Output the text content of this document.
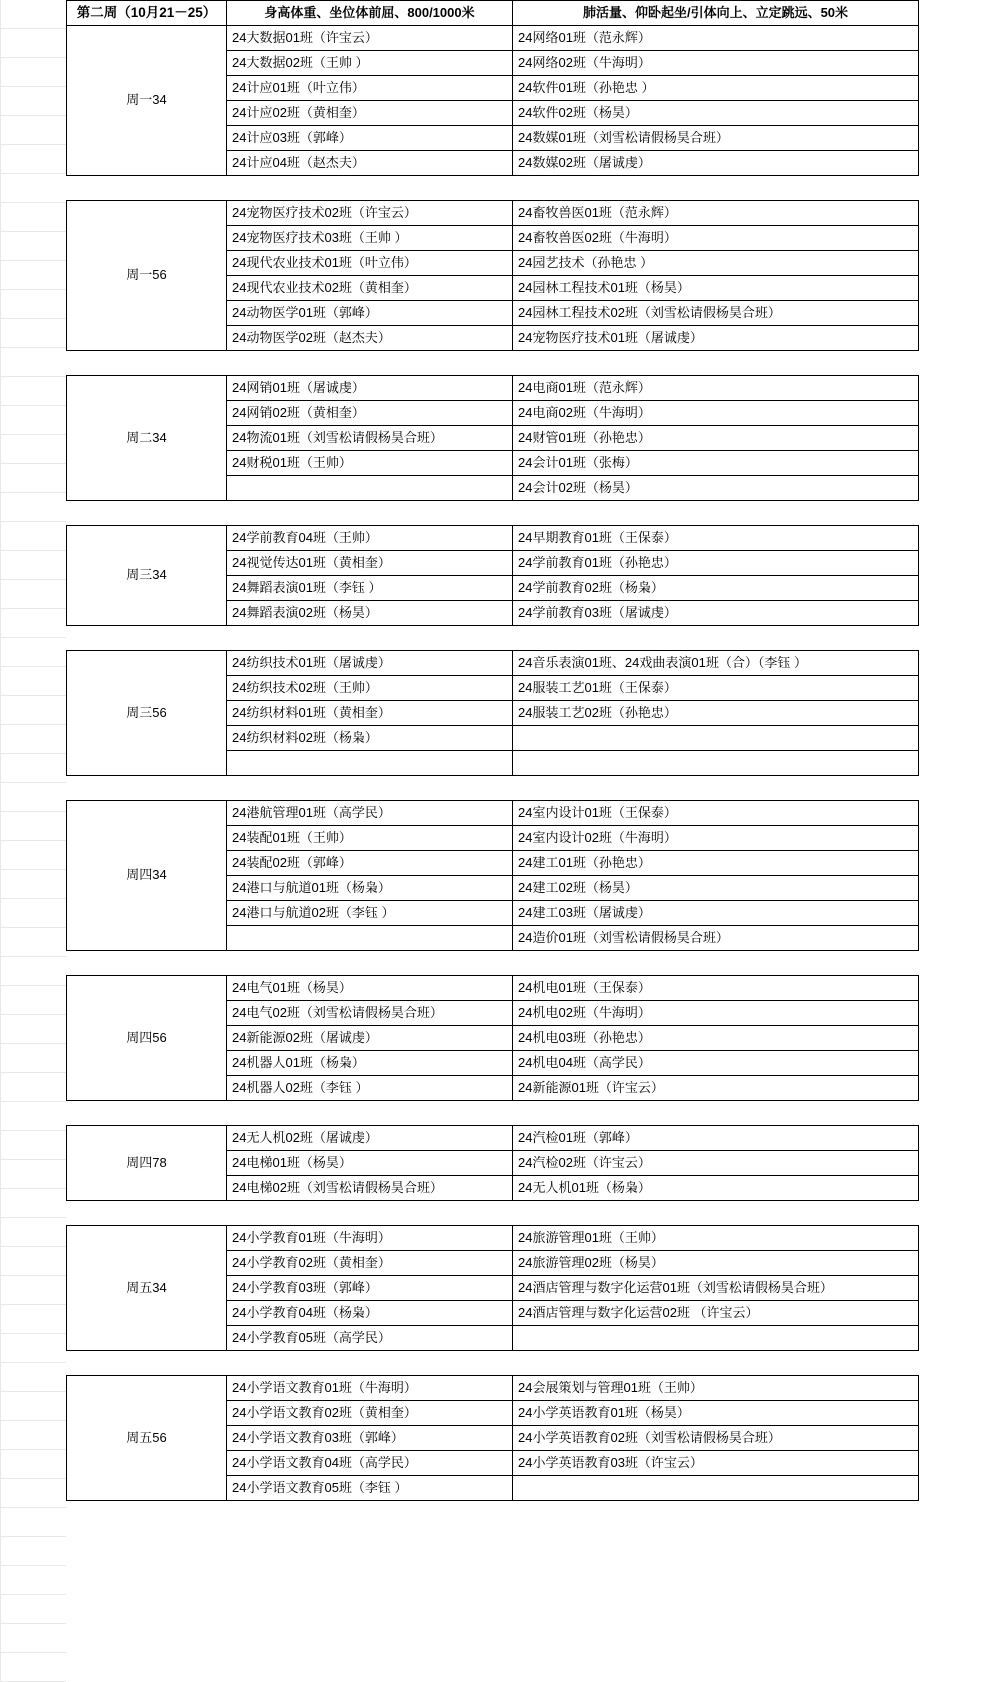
第二周（10月21－25）	身高体重、坐位体前屈、800/1000米	肺活量、仰卧起坐/引体向上、立定跳远、50米
周一34	24大数据01班（许宝云）	24网络01班（范永辉）
	24大数据02班（王帅 ）	24网络02班（牛海明）
	24计应01班（叶立伟）	24软件01班（孙艳忠 ）
	24计应02班（黄相奎）	24软件02班（杨昊）
	24计应03班（郭峰）	24数媒01班（刘雪松请假杨昊合班）
	24计应04班（赵杰夫）	24数媒02班（屠诚虔）

周一56	24宠物医疗技术02班（许宝云）	24畜牧兽医01班（范永辉）
	24宠物医疗技术03班（王帅 ）	24畜牧兽医02班（牛海明）
	24现代农业技术01班（叶立伟）	24园艺技术（孙艳忠 ）
	24现代农业技术02班（黄相奎）	24园林工程技术01班（杨昊）
	24动物医学01班（郭峰）	24园林工程技术02班（刘雪松请假杨昊合班）
	24动物医学02班（赵杰夫）	24宠物医疗技术01班（屠诚虔）

周二34	24网销01班（屠诚虔）	24电商01班（范永辉）
	24网销02班（黄相奎）	24电商02班（牛海明）
	24物流01班（刘雪松请假杨昊合班）	24财管01班（孙艳忠）
	24财税01班（王帅）	24会计01班（张梅）
		24会计02班（杨昊）

周三34	24学前教育04班（王帅）	24早期教育01班（王保泰）
	24视觉传达01班（黄相奎）	24学前教育01班（孙艳忠）
	24舞蹈表演01班（李钰 ）	24学前教育02班（杨枭）
	24舞蹈表演02班（杨昊）	24学前教育03班（屠诚虔）

周三56	24纺织技术01班（屠诚虔）	24音乐表演01班、24戏曲表演01班（合）（李钰 ）
	24纺织技术02班（王帅）	24服装工艺01班（王保泰）
	24纺织材料01班（黄相奎）	24服装工艺02班（孙艳忠）
	24纺织材料02班（杨枭）	

周四34	24港航管理01班（高学民）	24室内设计01班（王保泰）
	24装配01班（王帅）	24室内设计02班（牛海明）
	24装配02班（郭峰）	24建工01班（孙艳忠）
	24港口与航道01班（杨枭）	24建工02班（杨昊）
	24港口与航道02班（李钰 ）	24建工03班（屠诚虔）
		24造价01班（刘雪松请假杨昊合班）

周四56	24电气01班（杨昊）	24机电01班（王保泰）
	24电气02班（刘雪松请假杨昊合班）	24机电02班（牛海明）
	24新能源02班（屠诚虔）	24机电03班（孙艳忠）
	24机器人01班（杨枭）	24机电04班（高学民）
	24机器人02班（李钰 ）	24新能源01班（许宝云）

周四78	24无人机02班（屠诚虔）	24汽检01班（郭峰）
	24电梯01班（杨昊）	24汽检02班（许宝云）
	24电梯02班（刘雪松请假杨昊合班）	24无人机01班（杨枭）

周五34	24小学教育01班（牛海明）	24旅游管理01班（王帅）
	24小学教育02班（黄相奎）	24旅游管理02班（杨昊）
	24小学教育03班（郭峰）	24酒店管理与数字化运营01班（刘雪松请假杨昊合班）
	24小学教育04班（杨枭）	24酒店管理与数字化运营02班 （许宝云）
	24小学教育05班（高学民）	

周五56	24小学语文教育01班（牛海明）	24会展策划与管理01班（王帅）
	24小学语文教育02班（黄相奎）	24小学英语教育01班（杨昊）
	24小学语文教育03班（郭峰）	24小学英语教育02班（刘雪松请假杨昊合班）
	24小学语文教育04班（高学民）	24小学英语教育03班（许宝云）
	24小学语文教育05班（李钰 ）	
